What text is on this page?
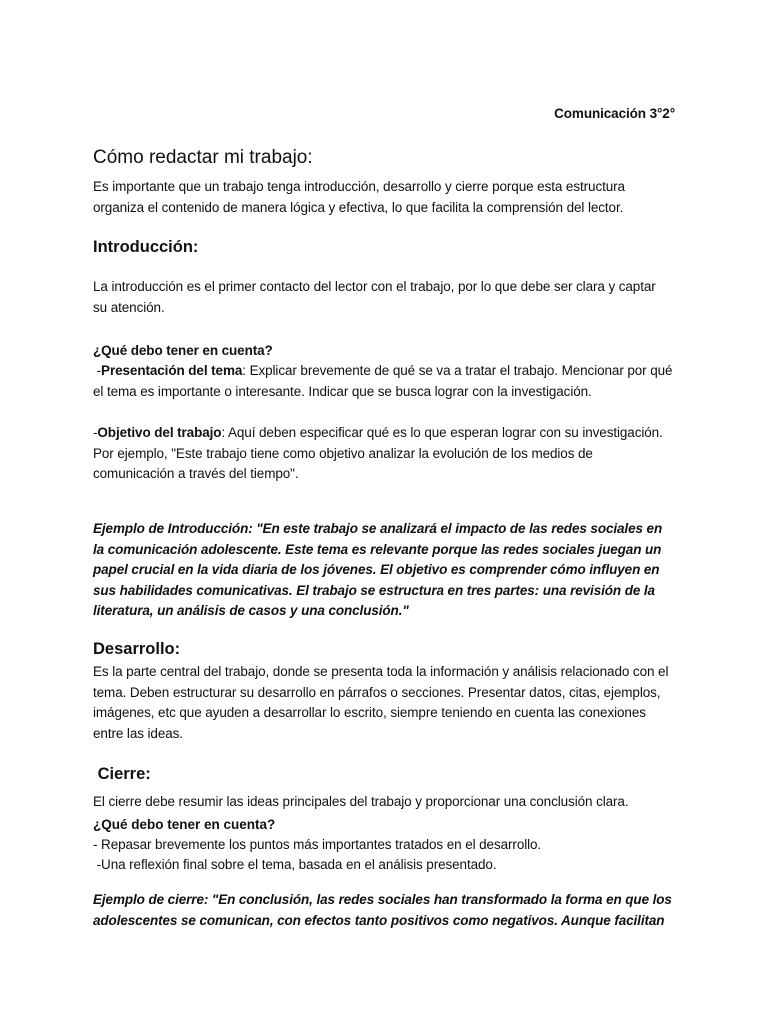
Comunicación 3°2°
Cómo redactar mi trabajo:

Es importante que un trabajo tenga introducción, desarrollo y cierre porque esta estructura organiza el contenido de manera lógica y efectiva, lo que facilita la comprensión del lector.

Introducción:

La introducción es el primer contacto del lector con el trabajo, por lo que debe ser clara y captar su atención.

¿Qué debo tener en cuenta?

-Presentación del tema: Explicar brevemente de qué se va a tratar el trabajo. Mencionar por qué el tema es importante o interesante. Indicar que se busca lograr con la investigación.

-Objetivo del trabajo: Aquí deben especificar qué es lo que esperan lograr con su investigación. Por ejemplo, "Este trabajo tiene como objetivo analizar la evolución de los medios de comunicación a través del tiempo".

Ejemplo de Introducción: "En este trabajo se analizará el impacto de las redes sociales en la comunicación adolescente. Este tema es relevante porque las redes sociales juegan un papel crucial en la vida diaria de los jóvenes. El objetivo es comprender cómo influyen en sus habilidades comunicativas. El trabajo se estructura en tres partes: una revisión de la literatura, un análisis de casos y una conclusión."

Desarrollo:

Es la parte central del trabajo, donde se presenta toda la información y análisis relacionado con el tema. Deben estructurar su desarrollo en párrafos o secciones. Presentar datos, citas, ejemplos, imágenes, etc que ayuden a desarrollar lo escrito, siempre teniendo en cuenta las conexiones entre las ideas.

Cierre:

El cierre debe resumir las ideas principales del trabajo y proporcionar una conclusión clara.

¿Qué debo tener en cuenta?

- Repasar brevemente los puntos más importantes tratados en el desarrollo.

-Una reflexión final sobre el tema, basada en el análisis presentado.

Ejemplo de cierre: "En conclusión, las redes sociales han transformado la forma en que los adolescentes se comunican, con efectos tanto positivos como negativos. Aunque facilitan
